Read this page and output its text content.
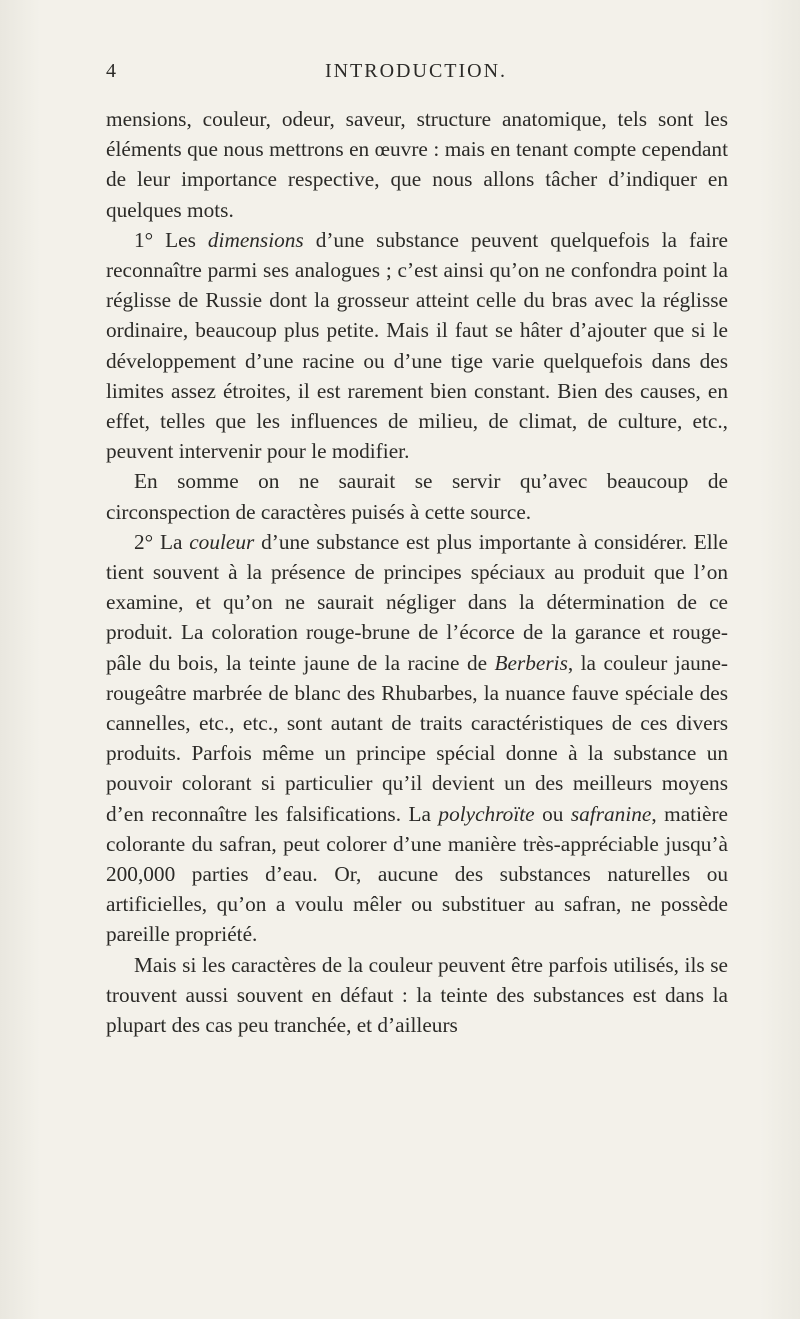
4	INTRODUCTION.

mensions, couleur, odeur, saveur, structure anatomique, tels sont les éléments que nous mettrons en œuvre : mais en tenant compte cependant de leur importance respective, que nous allons tâcher d’indiquer en quelques mots.

1° Les dimensions d’une substance peuvent quelquefois la faire reconnaître parmi ses analogues ; c’est ainsi qu’on ne confondra point la réglisse de Russie dont la grosseur atteint celle du bras avec la réglisse ordinaire, beaucoup plus petite. Mais il faut se hâter d’ajouter que si le développement d’une racine ou d’une tige varie quelquefois dans des limites assez étroites, il est rarement bien constant. Bien des causes, en effet, telles que les influences de milieu, de climat, de culture, etc., peuvent intervenir pour le modifier.

En somme on ne saurait se servir qu’avec beaucoup de circonspection de caractères puisés à cette source.

2° La couleur d’une substance est plus importante à considérer. Elle tient souvent à la présence de principes spéciaux au produit que l’on examine, et qu’on ne saurait négliger dans la détermination de ce produit. La coloration rouge-brune de l’écorce de la garance et rouge-pâle du bois, la teinte jaune de la racine de Berberis, la couleur jaune-rougeâtre marbrée de blanc des Rhubarbes, la nuance fauve spéciale des cannelles, etc., etc., sont autant de traits caractéristiques de ces divers produits. Parfois même un principe spécial donne à la substance un pouvoir colorant si particulier qu’il devient un des meilleurs moyens d’en reconnaître les falsifications. La polychroïte ou safranine, matière colorante du safran, peut colorer d’une manière très-appréciable jusqu’à 200,000 parties d’eau. Or, aucune des substances naturelles ou artificielles, qu’on a voulu mêler ou substituer au safran, ne possède pareille propriété.

Mais si les caractères de la couleur peuvent être parfois utilisés, ils se trouvent aussi souvent en défaut : la teinte des substances est dans la plupart des cas peu tranchée, et d’ailleurs
